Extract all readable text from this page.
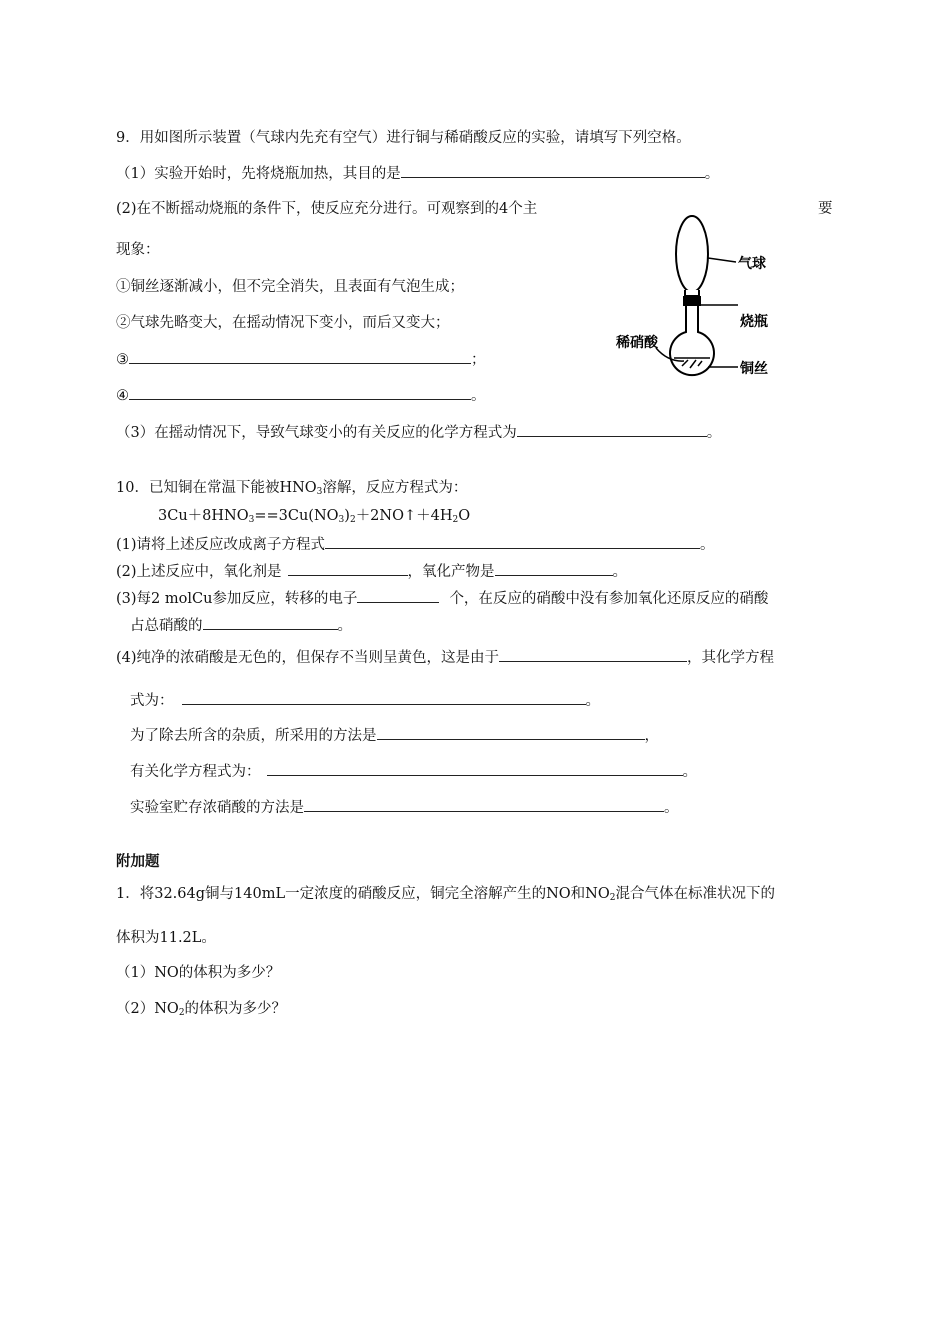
9．用如图所示装置（气球内先充有空气）进行铜与稀硝酸反应的实验，请填写下列空格。
（1）实验开始时，先将烧瓶加热，其目的是	。
(2)在不断摇动烧瓶的条件下，使反应充分进行。可观察到的4个主	要
现象：
①铜丝逐渐减小，但不完全消失，且表面有气泡生成；
②气球先略变大，在摇动情况下变小，而后又变大；
③	；
④	。
（3）在摇动情况下，导致气球变小的有关反应的化学方程式为	。
气球
烧瓶
稀硝酸
铜丝
10．已知铜在常温下能被$HNO_3$溶解，反应方程式为：
$3Cu+8HNO_3==3Cu(NO_3)_2+2NO↑+4H_2O$
(1)请将上述反应改成离子方程式	。
(2)上述反应中，氧化剂是	，氧化产物是	。
(3)每2 molCu参加反应，转移的电子	个，在反应的硝酸中没有参加氧化还原反应的硝酸
占总硝酸的	。
(4)纯净的浓硝酸是无色的，但保存不当则呈黄色，这是由于	，其化学方程
式为：	。
为了除去所含的杂质，所采用的方法是	，
有关化学方程式为：	。
实验室贮存浓硝酸的方法是	。
附加题
1．将32.64g铜与140mL一定浓度的硝酸反应，铜完全溶解产生的NO和$NO_2$混合气体在标准状况下的
体积为11.2L。
（1）NO的体积为多少？
$(2)NO_2$的体积为多少？
